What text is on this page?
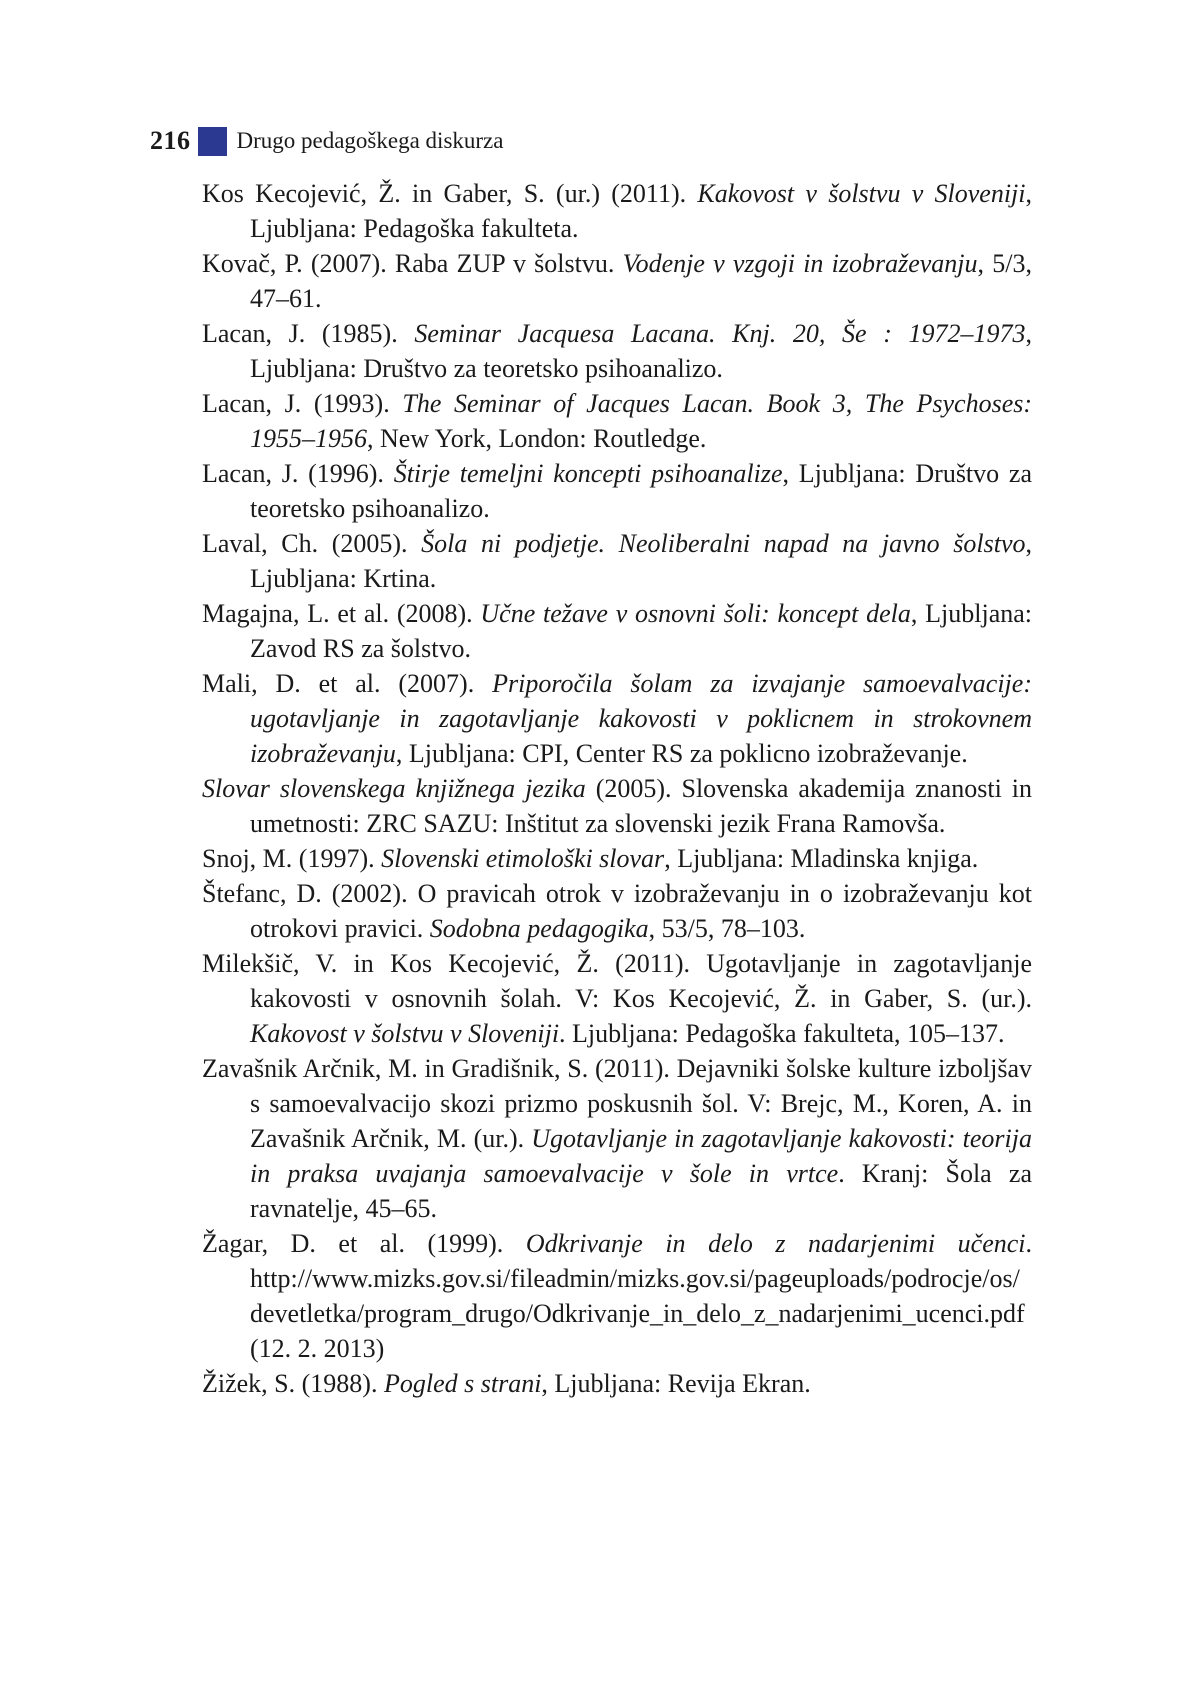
216 Drugo pedagoškega diskurza

Kos Kecojević, Ž. in Gaber, S. (ur.) (2011). Kakovost v šolstvu v Sloveniji, Ljubljana: Pedagoška fakulteta.

Kovač, P. (2007). Raba ZUP v šolstvu. Vodenje v vzgoji in izobraževanju, 5/3, 47–61.

Lacan, J. (1985). Seminar Jacquesa Lacana. Knj. 20, Še : 1972–1973, Ljubljana: Društvo za teoretsko psihoanalizo.

Lacan, J. (1993). The Seminar of Jacques Lacan. Book 3, The Psychoses: 1955–1956, New York, London: Routledge.

Lacan, J. (1996). Štirje temeljni koncepti psihoanalize, Ljubljana: Društvo za teoretsko psihoanalizo.

Laval, Ch. (2005). Šola ni podjetje. Neoliberalni napad na javno šolstvo, Ljubljana: Krtina.

Magajna, L. et al. (2008). Učne težave v osnovni šoli: koncept dela, Ljubljana: Zavod RS za šolstvo.

Mali, D. et al. (2007). Priporočila šolam za izvajanje samoevalvacije: ugotavljanje in zagotavljanje kakovosti v poklicnem in strokovnem izobraževanju, Ljubljana: CPI, Center RS za poklicno izobraževanje.

Slovar slovenskega knjižnega jezika (2005). Slovenska akademija znanosti in umetnosti: ZRC SAZU: Inštitut za slovenski jezik Frana Ramovša.

Snoj, M. (1997). Slovenski etimološki slovar, Ljubljana: Mladinska knjiga.

Štefanc, D. (2002). O pravicah otrok v izobraževanju in o izobraževanju kot otrokovi pravici. Sodobna pedagogika, 53/5, 78–103.

Milekšič, V. in Kos Kecojević, Ž. (2011). Ugotavljanje in zagotavljanje kakovosti v osnovnih šolah. V: Kos Kecojević, Ž. in Gaber, S. (ur.). Kakovost v šolstvu v Sloveniji. Ljubljana: Pedagoška fakulteta, 105–137.

Zavašnik Arčnik, M. in Gradišnik, S. (2011). Dejavniki šolske kulture izboljšav s samoevalvacijo skozi prizmo poskusnih šol. V: Brejc, M., Koren, A. in Zavašnik Arčnik, M. (ur.). Ugotavljanje in zagotavljanje kakovosti: teorija in praksa uvajanja samoevalvacije v šole in vrtce. Kranj: Šola za ravnatelje, 45–65.

Žagar, D. et al. (1999). Odkrivanje in delo z nadarjenimi učenci. http://www.mizks.gov.si/fileadmin/mizks.gov.si/pageuploads/podrocje/os/devetletka/program_drugo/Odkrivanje_in_delo_z_nadarjenimi_ucenci.pdf (12. 2. 2013)

Žižek, S. (1988). Pogled s strani, Ljubljana: Revija Ekran.
